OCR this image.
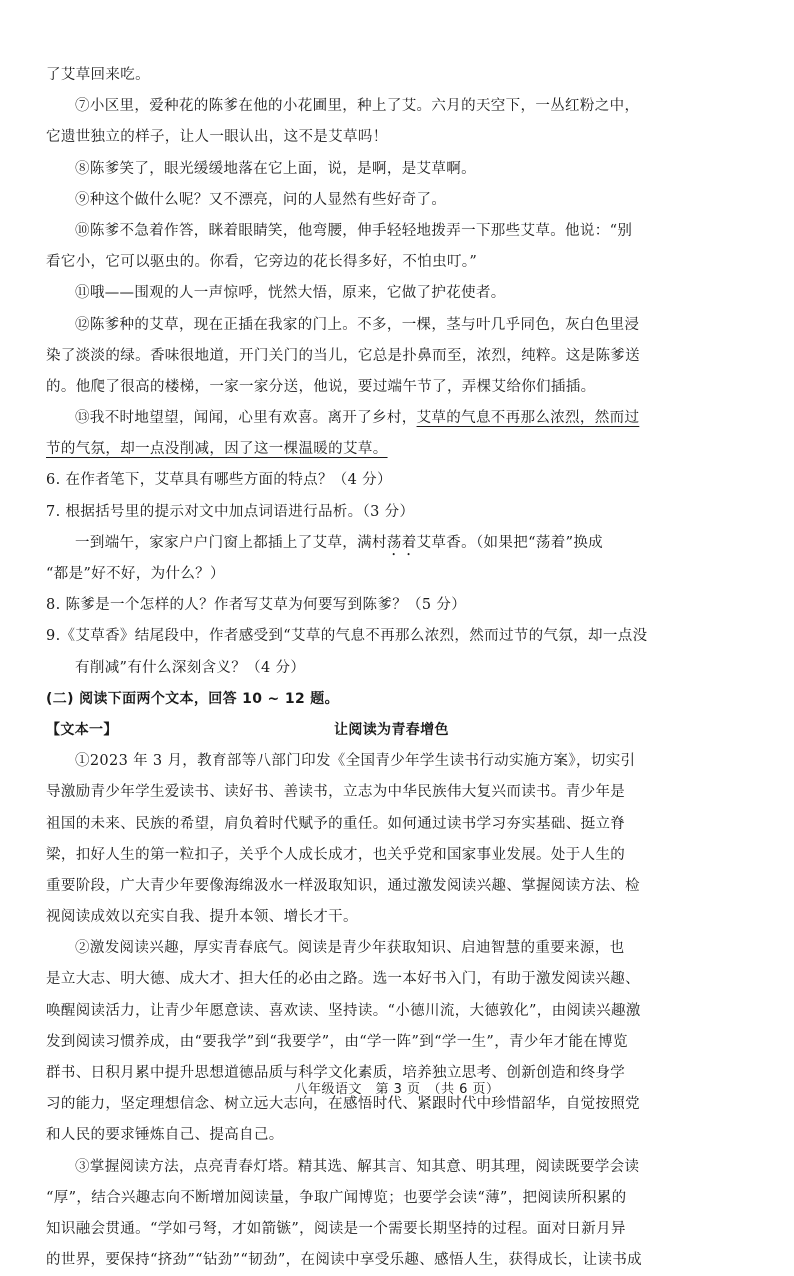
了艾草回来吃。
⑦小区里，爱种花的陈爹在他的小花圃里，种上了艾。六月的天空下，一丛红粉之中，
它遗世独立的样子，让人一眼认出，这不是艾草吗！
⑧陈爹笑了，眼光缓缓地落在它上面，说，是啊，是艾草啊。
⑨种这个做什么呢？又不漂亮，问的人显然有些好奇了。
⑩陈爹不急着作答，眯着眼睛笑，他弯腰，伸手轻轻地拨弄一下那些艾草。他说：“别
看它小，它可以驱虫的。你看，它旁边的花长得多好，不怕虫叮。”
⑪哦——围观的人一声惊呼，恍然大悟，原来，它做了护花使者。
⑫陈爹种的艾草，现在正插在我家的门上。不多，一棵，茎与叶几乎同色，灰白色里浸
染了淡淡的绿。香味很地道，开门关门的当儿，它总是扑鼻而至，浓烈，纯粹。这是陈爹送
的。他爬了很高的楼梯，一家一家分送，他说，要过端午节了，弄棵艾给你们插插。
⑬我不时地望望，闻闻，心里有欢喜。离开了乡村，艾草的气息不再那么浓烈，然而过
节的气氛，却一点没削减，因了这一棵温暖的艾草。
6. 在作者笔下，艾草具有哪些方面的特点？（4 分）
7. 根据括号里的提示对文中加点词语进行品析。（3 分）
一到端午，家家户户门窗上都插上了艾草，满村荡着艾草香。（如果把“荡着”换成
“都是”好不好，为什么？）
8. 陈爹是一个怎样的人？作者写艾草为何要写到陈爹？（5 分）
9.《艾草香》结尾段中，作者感受到“艾草的气息不再那么浓烈，然而过节的气氛，却一点没
有削减”有什么深刻含义？（4 分）
(二) 阅读下面两个文本，回答 10 ~ 12 题。
【文本一】	让阅读为青春增色
①2023 年 3 月，教育部等八部门印发《全国青少年学生读书行动实施方案》，切实引
导激励青少年学生爱读书、读好书、善读书，立志为中华民族伟大复兴而读书。青少年是
祖国的未来、民族的希望，肩负着时代赋予的重任。如何通过读书学习夯实基础、挺立脊
梁，扣好人生的第一粒扣子，关乎个人成长成才，也关乎党和国家事业发展。处于人生的
重要阶段，广大青少年要像海绵汲水一样汲取知识，通过激发阅读兴趣、掌握阅读方法、检
视阅读成效以充实自我、提升本领、增长才干。
②激发阅读兴趣，厚实青春底气。阅读是青少年获取知识、启迪智慧的重要来源，也
是立大志、明大德、成大才、担大任的必由之路。选一本好书入门，有助于激发阅读兴趣、
唤醒阅读活力，让青少年愿意读、喜欢读、坚持读。“小德川流，大德敦化”，由阅读兴趣激
发到阅读习惯养成，由“要我学”到“我要学”，由“学一阵”到“学一生”，青少年才能在博览
群书、日积月累中提升思想道德品质与科学文化素质，培养独立思考、创新创造和终身学
习的能力，坚定理想信念、树立远大志向，在感悟时代、紧跟时代中珍惜韶华，自觉按照党
和人民的要求锤炼自己、提高自己。
③掌握阅读方法，点亮青春灯塔。精其选、解其言、知其意、明其理，阅读既要学会读
“厚”，结合兴趣志向不断增加阅读量，争取广闻博览；也要学会读“薄”，把阅读所积累的
知识融会贯通。“学如弓弩，才如箭镞”，阅读是一个需要长期坚持的过程。面对日新月异
的世界，要保持“挤劲”“钻劲”“韧劲”，在阅读中享受乐趣、感悟人生，获得成长，让读书成
八年级语文　第 3 页　（共 6 页）
